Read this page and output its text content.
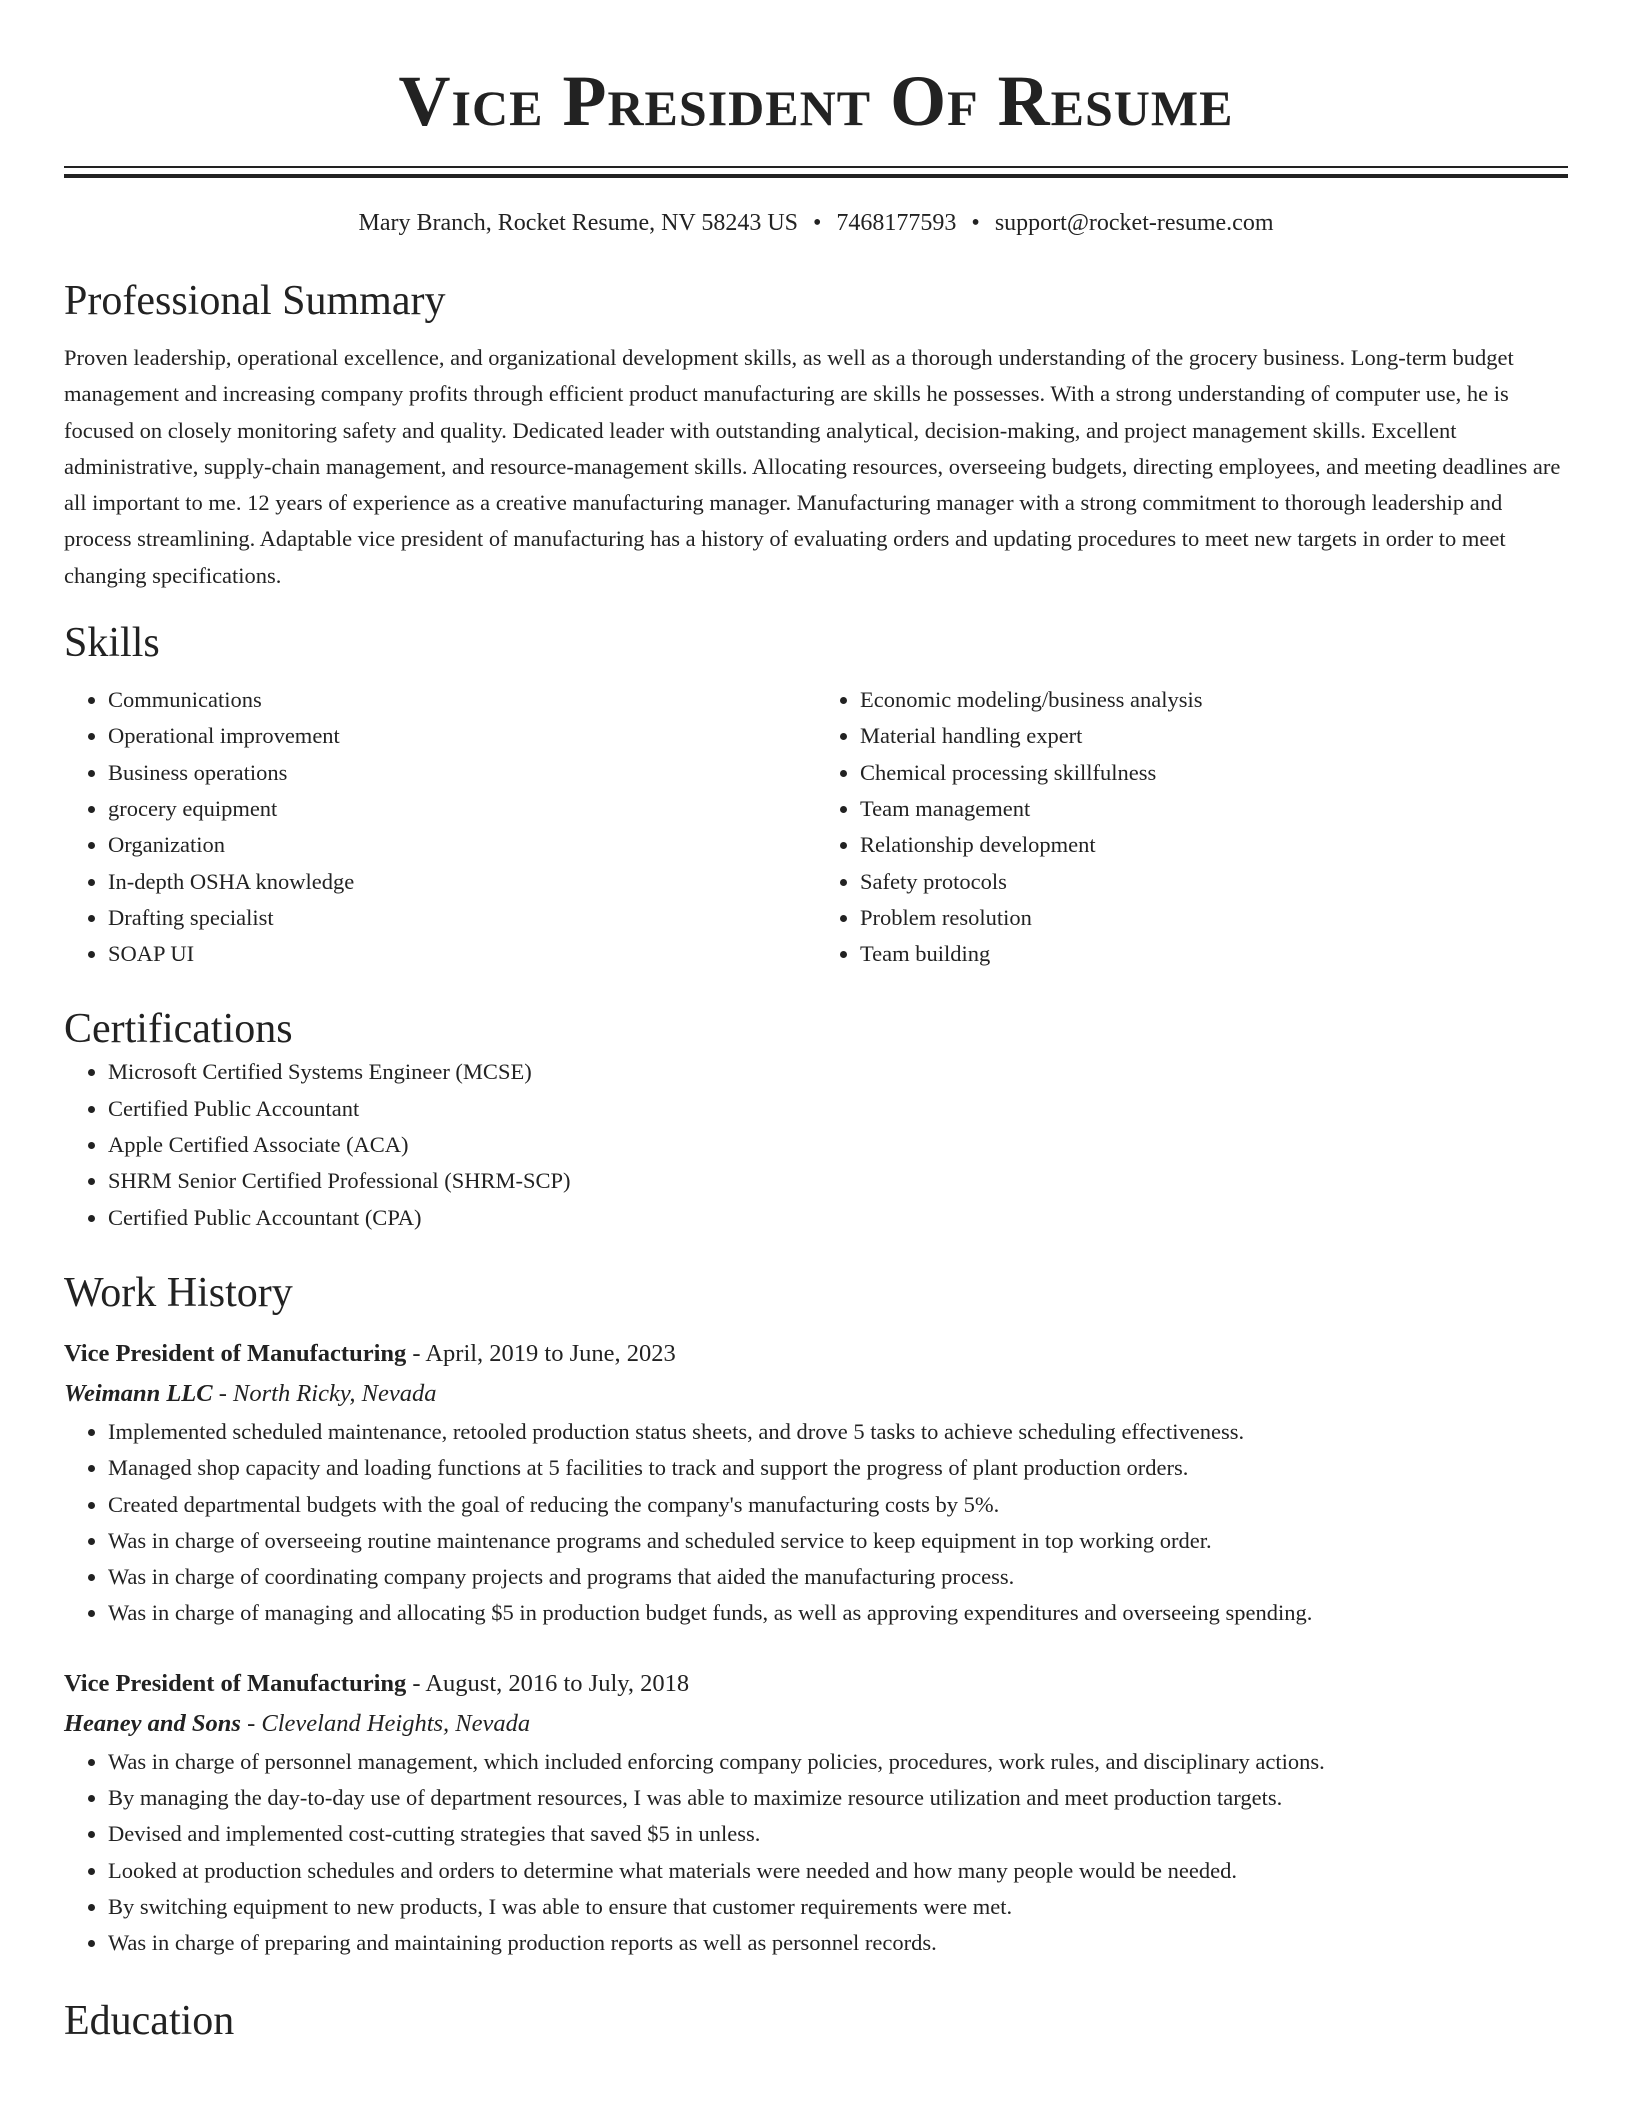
Vice President Of Resume
Mary Branch, Rocket Resume, NV 58243 US • 7468177593 • support@rocket-resume.com
Professional Summary

Proven leadership, operational excellence, and organizational development skills, as well as a thorough understanding of the grocery business. Long-term budget management and increasing company profits through efficient product manufacturing are skills he possesses. With a strong understanding of computer use, he is focused on closely monitoring safety and quality. Dedicated leader with outstanding analytical, decision-making, and project management skills. Excellent administrative, supply-chain management, and resource-management skills. Allocating resources, overseeing budgets, directing employees, and meeting deadlines are all important to me. 12 years of experience as a creative manufacturing manager. Manufacturing manager with a strong commitment to thorough leadership and process streamlining. Adaptable vice president of manufacturing has a history of evaluating orders and updating procedures to meet new targets in order to meet changing specifications.

Skills
• Communications
• Operational improvement
• Business operations
• grocery equipment
• Organization
• In-depth OSHA knowledge
• Drafting specialist
• SOAP UI
• Economic modeling/business analysis
• Material handling expert
• Chemical processing skillfulness
• Team management
• Relationship development
• Safety protocols
• Problem resolution
• Team building
Certifications
• Microsoft Certified Systems Engineer (MCSE)
• Certified Public Accountant
• Apple Certified Associate (ACA)
• SHRM Senior Certified Professional (SHRM-SCP)
• Certified Public Accountant (CPA)
Work History
Vice President of Manufacturing - April, 2019 to June, 2023
Weimann LLC - North Ricky, Nevada
• Implemented scheduled maintenance, retooled production status sheets, and drove 5 tasks to achieve scheduling effectiveness.
• Managed shop capacity and loading functions at 5 facilities to track and support the progress of plant production orders.
• Created departmental budgets with the goal of reducing the company's manufacturing costs by 5%.
• Was in charge of overseeing routine maintenance programs and scheduled service to keep equipment in top working order.
• Was in charge of coordinating company projects and programs that aided the manufacturing process.
• Was in charge of managing and allocating $5 in production budget funds, as well as approving expenditures and overseeing spending.
Vice President of Manufacturing - August, 2016 to July, 2018
Heaney and Sons - Cleveland Heights, Nevada
• Was in charge of personnel management, which included enforcing company policies, procedures, work rules, and disciplinary actions.
• By managing the day-to-day use of department resources, I was able to maximize resource utilization and meet production targets.
• Devised and implemented cost-cutting strategies that saved $5 in unless.
• Looked at production schedules and orders to determine what materials were needed and how many people would be needed.
• By switching equipment to new products, I was able to ensure that customer requirements were met.
• Was in charge of preparing and maintaining production reports as well as personnel records.
Education
